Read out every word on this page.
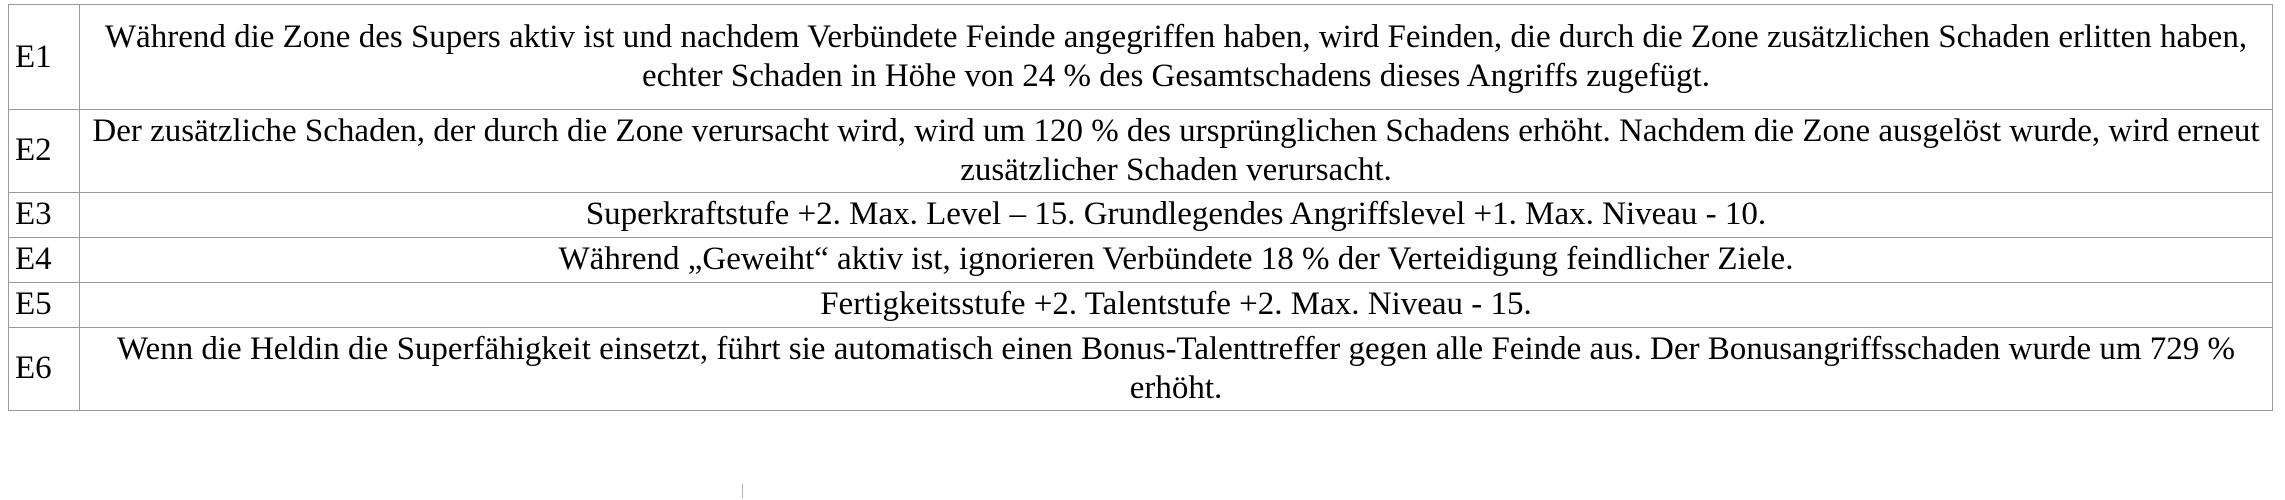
E1	Während die Zone des Supers aktiv ist und nachdem Verbündete Feinde angegriffen haben, wird Feinden, die durch die Zone zusätzlichen Schaden erlitten haben, echter Schaden in Höhe von 24 % des Gesamtschadens dieses Angriffs zugefügt.
E2	Der zusätzliche Schaden, der durch die Zone verursacht wird, wird um 120 % des ursprünglichen Schadens erhöht. Nachdem die Zone ausgelöst wurde, wird erneut zusätzlicher Schaden verursacht.
E3	Superkraftstufe +2. Max. Level – 15. Grundlegendes Angriffslevel +1. Max. Niveau - 10.
E4	Während „Geweiht“ aktiv ist, ignorieren Verbündete 18 % der Verteidigung feindlicher Ziele.
E5	Fertigkeitsstufe +2. Talentstufe +2. Max. Niveau - 15.
E6	Wenn die Heldin die Superfähigkeit einsetzt, führt sie automatisch einen Bonus-Talenttreffer gegen alle Feinde aus. Der Bonusangriffsschaden wurde um 729 % erhöht.
